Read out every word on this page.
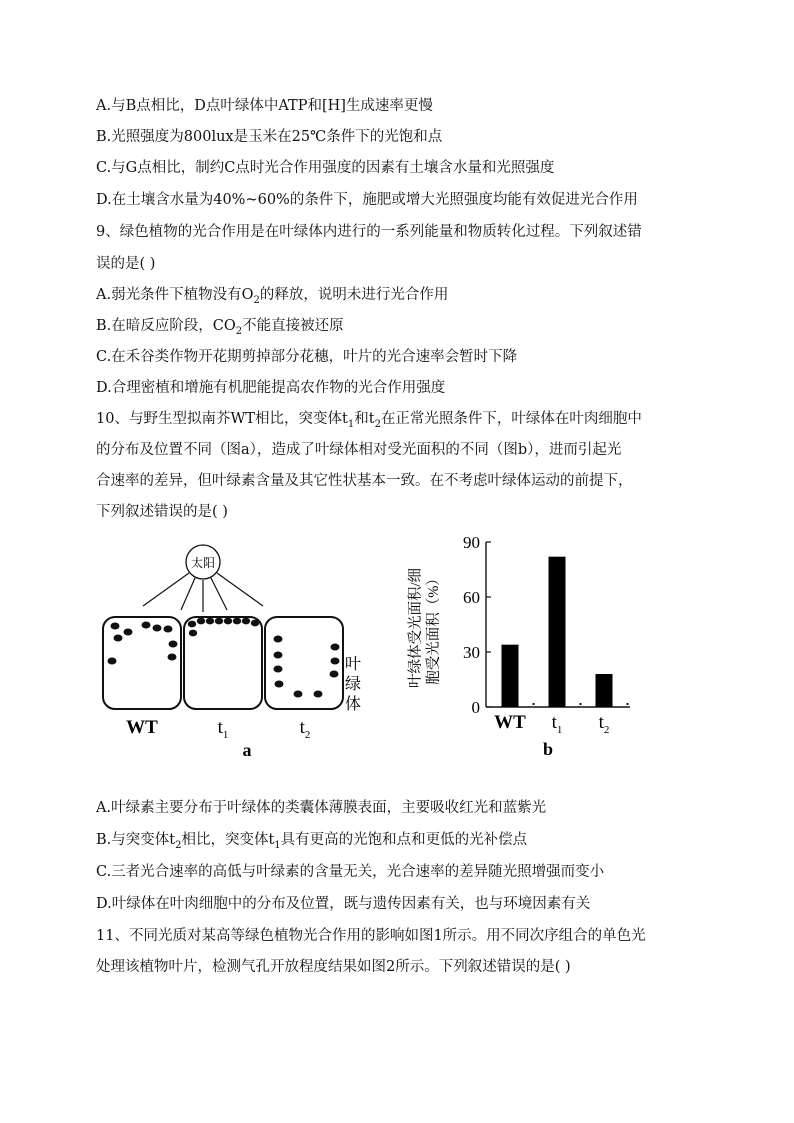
A.与B点相比，D点叶绿体中ATP和[H]生成速率更慢
B.光照强度为800lux是玉米在25℃条件下的光饱和点
C.与G点相比，制约C点时光合作用强度的因素有土壤含水量和光照强度
D.在土壤含水量为40%~60%的条件下，施肥或增大光照强度均能有效促进光合作用
9、绿色植物的光合作用是在叶绿体内进行的一系列能量和物质转化过程。下列叙述错
误的是( )
A.弱光条件下植物没有$O_2$的释放，说明未进行光合作用
B.在暗反应阶段，$CO_2$不能直接被还原
C.在禾谷类作物开花期剪掉部分花穗，叶片的光合速率会暂时下降
D.合理密植和增施有机肥能提高农作物的光合作用强度
10、与野生型拟南芥WT相比，突变体$t_1$和$t_2$在正常光照条件下，叶绿体在叶肉细胞中
的分布及位置不同（图a），造成了叶绿体相对受光面积的不同（图b），进而引起光
合速率的差异，但叶绿素含量及其它性状基本一致。在不考虑叶绿体运动的前提下，
下列叙述错误的是( )
太阳
叶
绿
体
WT	$t_1$	$t_2$
a
叶绿体受光面积/细 胞受光面积（%）
0
30
60
90
WT $t_1$ $t_2$
b
A.叶绿素主要分布于叶绿体的类囊体薄膜表面，主要吸收红光和蓝紫光
B.与突变体$t_2$相比，突变体$t_1$具有更高的光饱和点和更低的光补偿点
C.三者光合速率的高低与叶绿素的含量无关，光合速率的差异随光照增强而变小
D.叶绿体在叶肉细胞中的分布及位置，既与遗传因素有关，也与环境因素有关
11、不同光质对某高等绿色植物光合作用的影响如图1所示。用不同次序组合的单色光
处理该植物叶片，检测气孔开放程度结果如图2所示。下列叙述错误的是( )
